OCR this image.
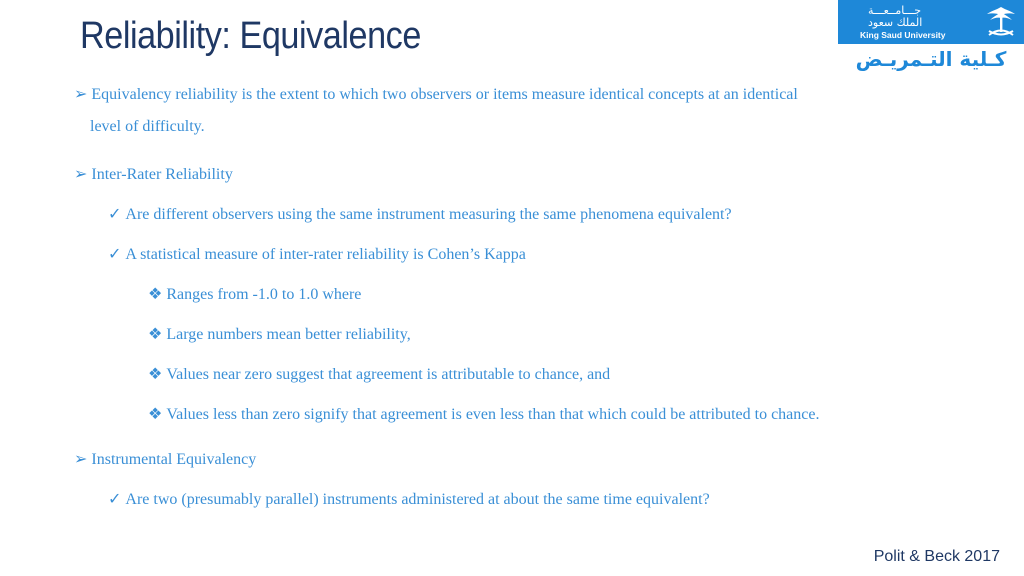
Reliability: Equivalence
جـــامــعـــة
الملك سعود
King Saud University
كـلية التـمريـض
➢ Equivalency reliability is the extent to which two observers or items measure identical concepts at an identical
level of difficulty.
➢ Inter-Rater Reliability
✓ Are different observers using the same instrument measuring the same phenomena equivalent?
✓ A statistical measure of inter-rater reliability is Cohen’s Kappa
❖ Ranges from -1.0 to 1.0 where
❖ Large numbers mean better reliability,
❖ Values near zero suggest that agreement is attributable to chance, and
❖ Values less than zero signify that agreement is even less than that which could be attributed to chance.
➢ Instrumental Equivalency
✓ Are two (presumably parallel) instruments administered at about the same time equivalent?
Polit & Beck 2017
